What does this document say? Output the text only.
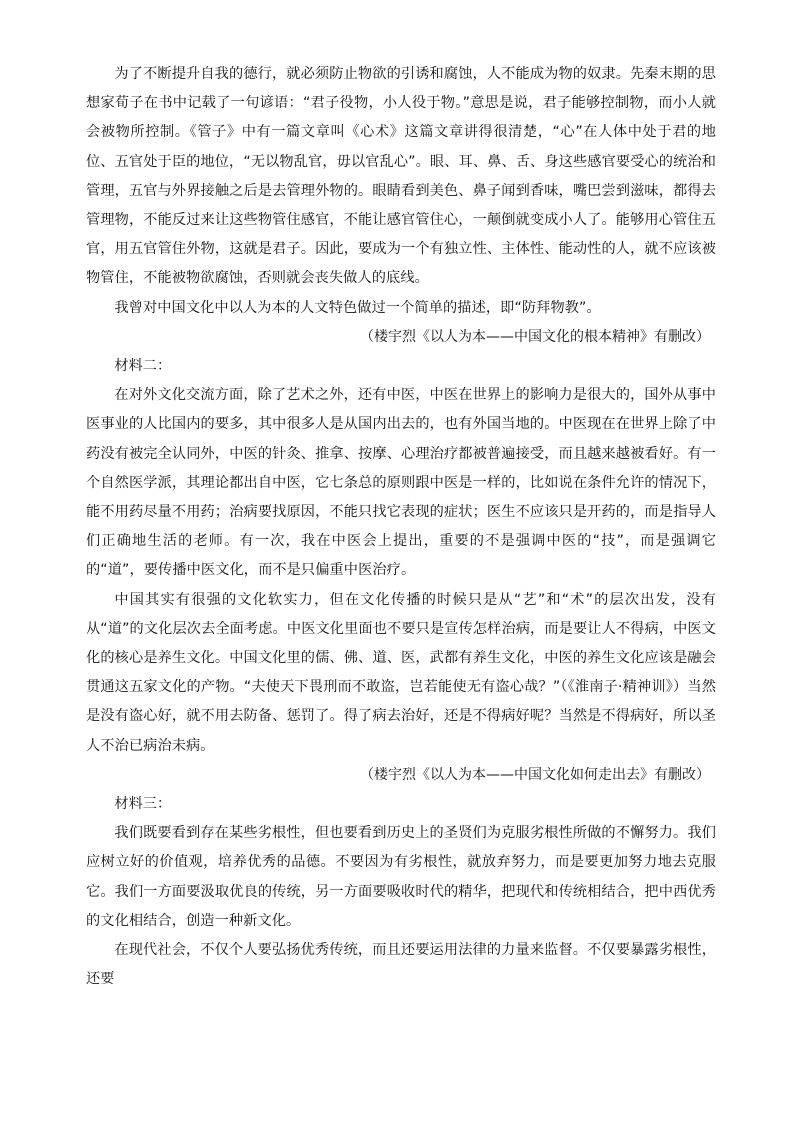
为了不断提升自我的德行，就必须防止物欲的引诱和腐蚀，人不能成为物的奴隶。先秦末期的思想家荀子在书中记载了一句谚语：“君子役物，小人役于物。”意思是说，君子能够控制物，而小人就会被物所控制。《管子》中有一篇文章叫《心术》这篇文章讲得很清楚，“心”在人体中处于君的地位、五官处于臣的地位，“无以物乱官，毋以官乱心”。眼、耳、鼻、舌、身这些感官要受心的统治和管理，五官与外界接触之后是去管理外物的。眼睛看到美色、鼻子闻到香味，嘴巴尝到滋味，都得去管理物，不能反过来让这些物管住感官，不能让感官管住心，一颠倒就变成小人了。能够用心管住五官，用五官管住外物，这就是君子。因此，要成为一个有独立性、主体性、能动性的人，就不应该被物管住，不能被物欲腐蚀，否则就会丧失做人的底线。

我曾对中国文化中以人为本的人文特色做过一个简单的描述，即“防拜物教”。

（楼宇烈《以人为本——中国文化的根本精神》有删改）

材料二：

在对外文化交流方面，除了艺术之外，还有中医，中医在世界上的影响力是很大的，国外从事中医事业的人比国内的要多，其中很多人是从国内出去的，也有外国当地的。中医现在在世界上除了中药没有被完全认同外，中医的针灸、推拿、按摩、心理治疗都被普遍接受，而且越来越被看好。有一个自然医学派，其理论都出自中医，它七条总的原则跟中医是一样的，比如说在条件允许的情况下，能不用药尽量不用药；治病要找原因，不能只找它表现的症状；医生不应该只是开药的，而是指导人们正确地生活的老师。有一次，我在中医会上提出，重要的不是强调中医的“技”，而是强调它的“道”，要传播中医文化，而不是只偏重中医治疗。

中国其实有很强的文化软实力，但在文化传播的时候只是从“艺”和“术”的层次出发，没有从“道”的文化层次去全面考虑。中医文化里面也不要只是宣传怎样治病，而是要让人不得病，中医文化的核心是养生文化。中国文化里的儒、佛、道、医，武都有养生文化，中医的养生文化应该是融会贯通这五家文化的产物。“夫使天下畏刑而不敢盗，岂若能使无有盗心哉？”（《淮南子·精神训》）当然是没有盗心好，就不用去防备、惩罚了。得了病去治好，还是不得病好呢？当然是不得病好，所以圣人不治已病治未病。

（楼宇烈《以人为本——中国文化如何走出去》有删改）

材料三：

我们既要看到存在某些劣根性，但也要看到历史上的圣贤们为克服劣根性所做的不懈努力。我们应树立好的价值观，培养优秀的品德。不要因为有劣根性，就放弃努力，而是要更加努力地去克服它。我们一方面要汲取优良的传统，另一方面要吸收时代的精华，把现代和传统相结合，把中西优秀的文化相结合，创造一种新文化。

在现代社会，不仅个人要弘扬优秀传统，而且还要运用法律的力量来监督。不仅要暴露劣根性，还要
